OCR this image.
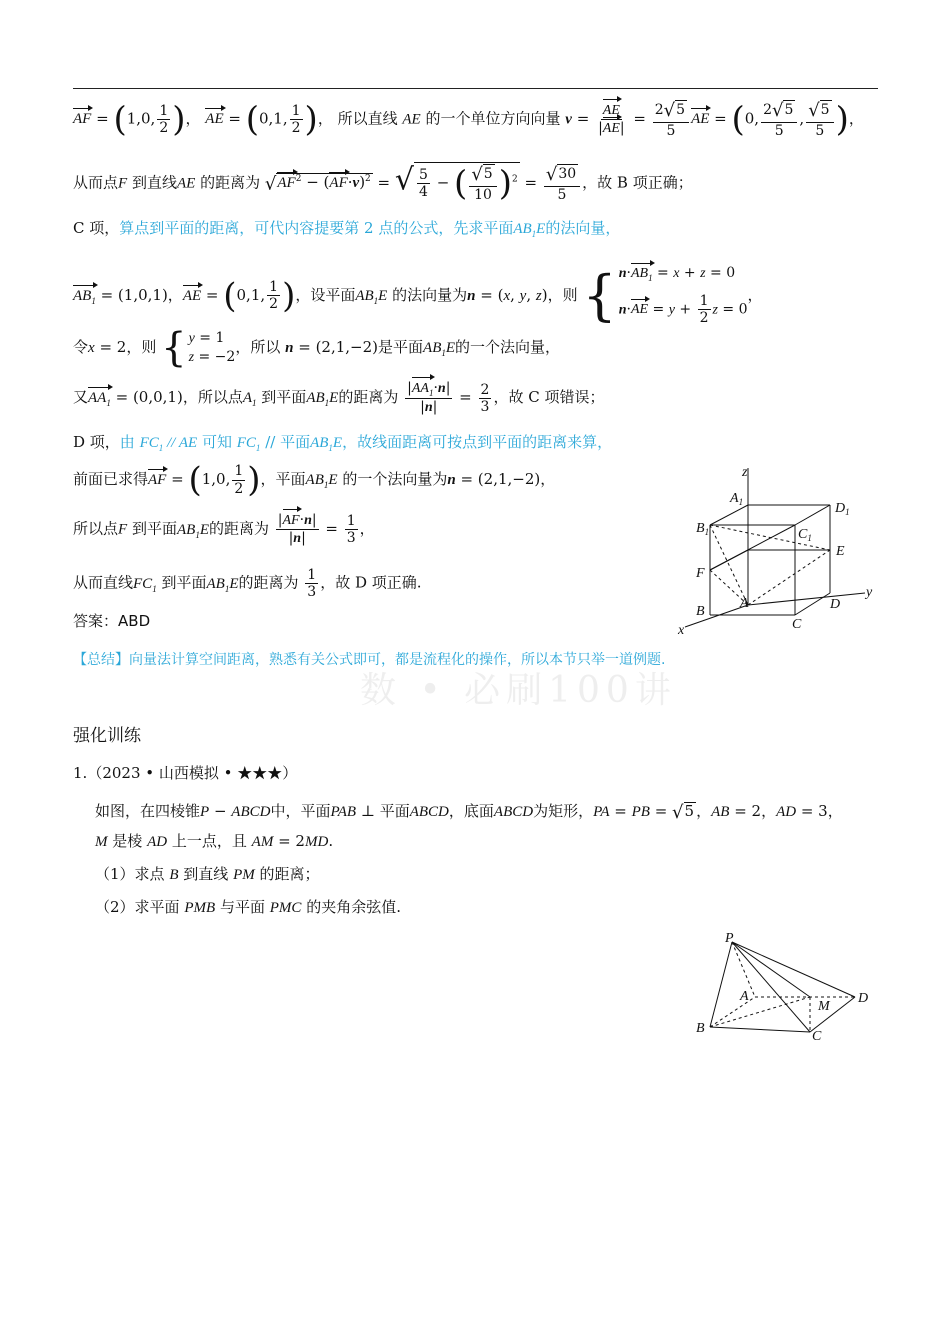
数 • 必刷100讲
AF = (1,0, $\frac{1}{2}$ )， AE = (0,1, $\frac{1}{2}$ )， 所以直线 AE 的一个单位方向向量 $v = \frac{AE}{|AE|} = \frac{2√5}{5}$ AE = (0, $\frac{2√5}{5}$ , $\frac{√5}{5}$ )，
从而点F 到直线AE 的距离为 $√AF^2 - (AF\cdot v)^2$ = √ $\frac{5}{4}$ − ( $\frac{√5}{10} )^2 = \frac{√30}{5}$ ，故 B 项正确；
C 项，算点到平面的距离，可代内容提要第 2 点的公式，先求平面$AB_1E$的法向量，
$AB_1 = (1,0,1)$，AE = (0,1, $\frac{1}{2}$ )，设平面$AB_1E$ 的法向量为n = (x, y, z)，则 { $n\cdot AB_1 = x + z = 0$
$n\cdot AE = y + \frac{1}{2}$ z = 0
，
令x = 2，则 { y = 1
z = −2
，所以 n = (2,1,−2)是平面$AB_1E$的一个法向量，
又$AA_1 = (0,0,1)$，所以点$A_1$ 到平面$AB_1E$的距离为 $\frac{|AA_1\cdot n|}{|n|} = \frac{2}{3}$ ，故 C 项错误；
D 项，由 $FC_1$ // AE 可知 $FC_1$ // 平面$AB_1E$，故线面距离可按点到平面的距离来算，
前面已求得AF = (1,0, $\frac{1}{2}$ )，平面$AB_1E$ 的一个法向量为n = (2,1,−2)，
所以点F 到平面$AB_1E$的距离为 $\frac{|AF\cdot n|}{|n|} = \frac{1}{3}$ ，
从而直线$FC_1$ 到平面$AB_1E$的距离为 $\frac{1}{3}$ ，故 D 项正确.
答案：ABD
【总结】向量法计算空间距离，熟悉有关公式即可，都是流程化的操作，所以本节只举一道例题.
强化训练
1.（2023 • 山西模拟 • ★★★）
如图，在四棱锥P − ABCD中，平面PAB ⊥ 平面ABCD，底面ABCD为矩形，PA = PB = √5 ，AB = 2，AD = 3，
M 是棱 AD 上一点，且 AM = 2MD.
（1）求点 B 到直线 PM 的距离；
（2）求平面 PMB 与平面 PMC 的夹角余弦值.
z
y
x
$A_1$	$D_1$
$B_1$	$C_1$
E
F
A
B
C
D
P
A
B
C
D
M
